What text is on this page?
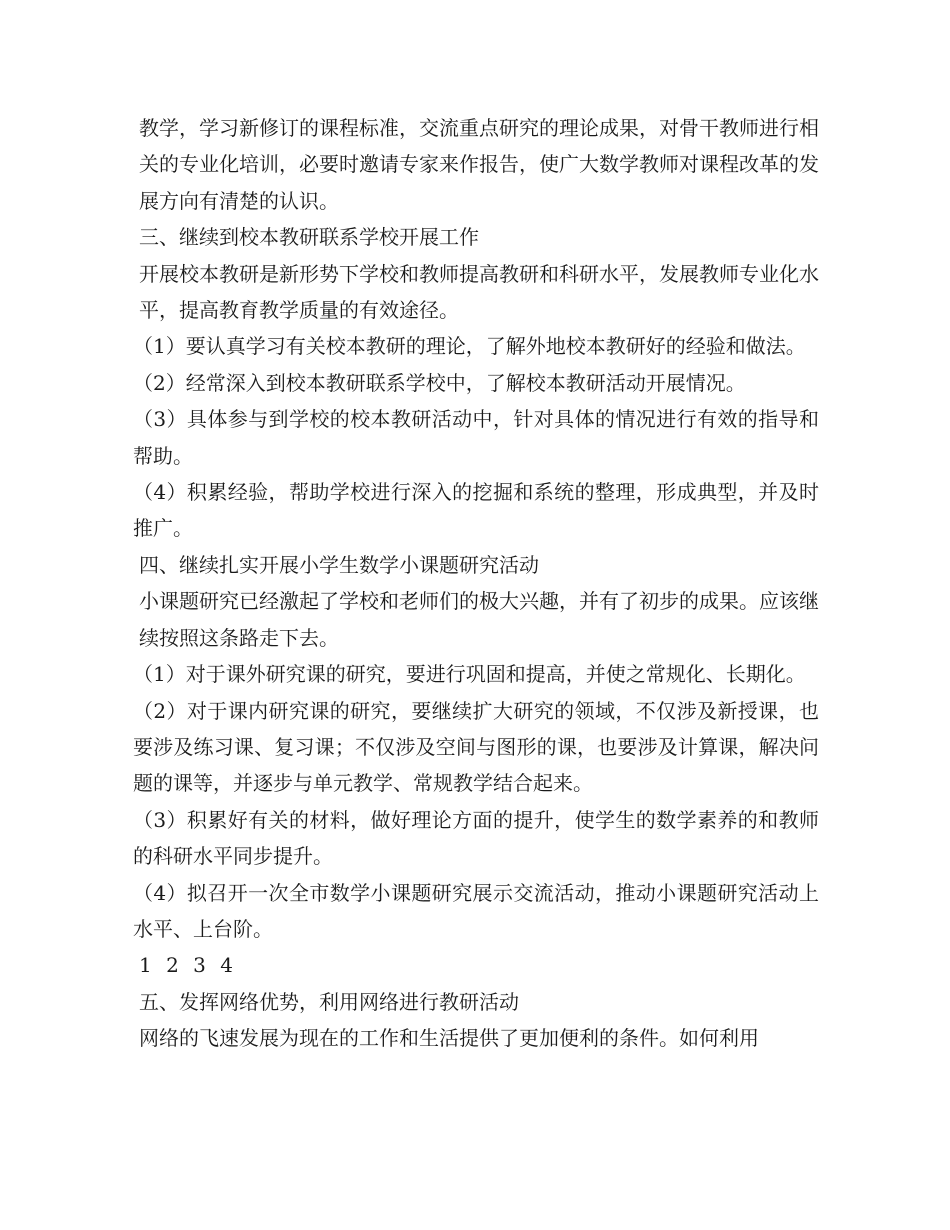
教学，学习新修订的课程标准，交流重点研究的理论成果，对骨干教师进行相关的专业化培训，必要时邀请专家来作报告，使广大数学教师对课程改革的发展方向有清楚的认识。

三、继续到校本教研联系学校开展工作

开展校本教研是新形势下学校和教师提高教研和科研水平，发展教师专业化水平，提高教育教学质量的有效途径。

（1）要认真学习有关校本教研的理论，了解外地校本教研好的经验和做法。

（2）经常深入到校本教研联系学校中，了解校本教研活动开展情况。

（3）具体参与到学校的校本教研活动中，针对具体的情况进行有效的指导和帮助。

（4）积累经验，帮助学校进行深入的挖掘和系统的整理，形成典型，并及时推广。

四、继续扎实开展小学生数学小课题研究活动

小课题研究已经激起了学校和老师们的极大兴趣，并有了初步的成果。应该继续按照这条路走下去。

（1）对于课外研究课的研究，要进行巩固和提高，并使之常规化、长期化。

（2）对于课内研究课的研究，要继续扩大研究的领域，不仅涉及新授课，也要涉及练习课、复习课；不仅涉及空间与图形的课，也要涉及计算课，解决问题的课等，并逐步与单元教学、常规教学结合起来。

（3）积累好有关的材料，做好理论方面的提升，使学生的数学素养的和教师的科研水平同步提升。

（4）拟召开一次全市数学小课题研究展示交流活动，推动小课题研究活动上水平、上台阶。

1 2 3 4

五、发挥网络优势，利用网络进行教研活动

网络的飞速发展为现在的工作和生活提供了更加便利的条件。如何利用
